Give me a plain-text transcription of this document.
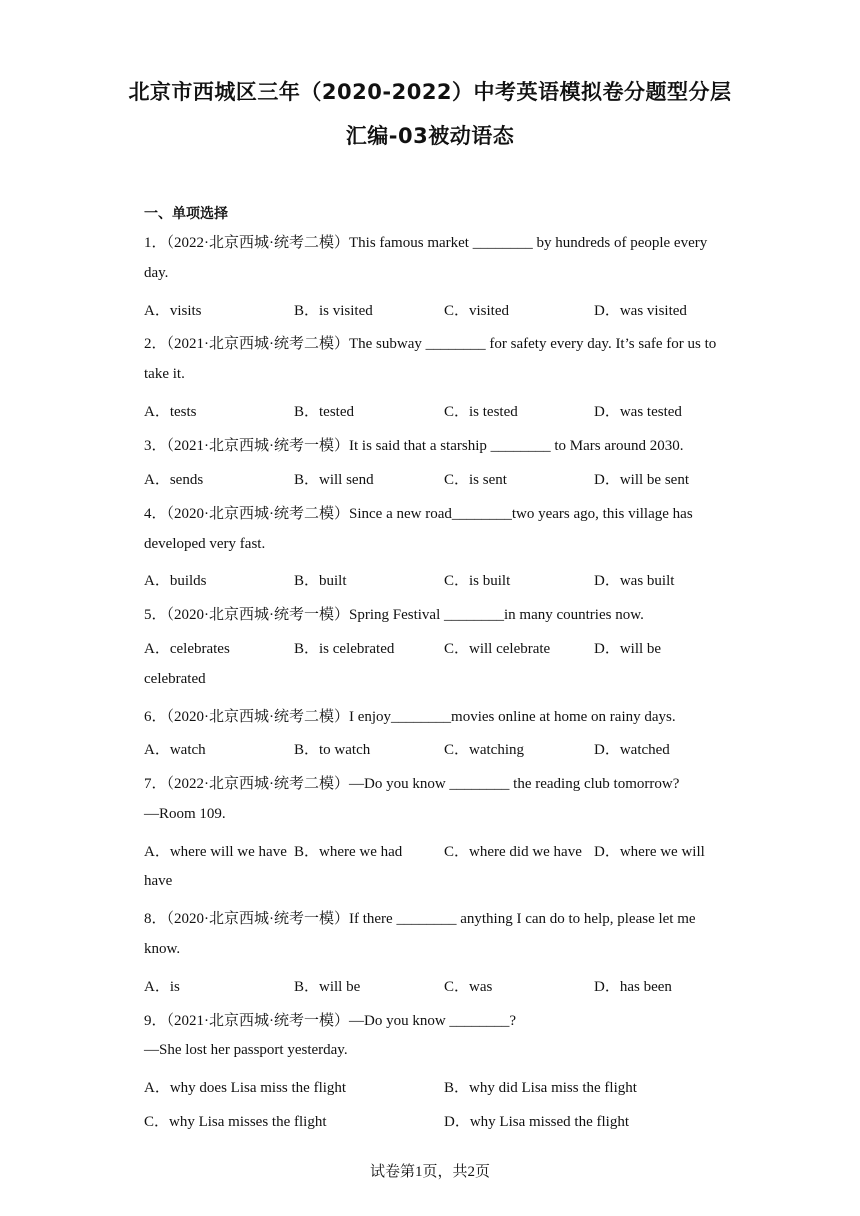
北京市西城区三年（2020-2022）中考英语模拟卷分题型分层
汇编-03被动语态
一、单项选择
1．（2022·北京西城·统考二模）This famous market ________ by hundreds of people every
day.
A．visits	B．is visited	C．visited	D．was visited
2．（2021·北京西城·统考二模）The subway ________ for safety every day. It’s safe for us to
take it.
A．tests	B．tested	C．is tested	D．was tested
3．（2021·北京西城·统考一模）It is said that a starship ________ to Mars around 2030.
A．sends	B．will send	C．is sent	D．will be sent
4．（2020·北京西城·统考二模）Since a new road________two years ago, this village has
developed very fast.
A．builds	B．built	C．is built	D．was built
5．（2020·北京西城·统考一模）Spring Festival ________in many countries now.
A．celebrates	B．is celebrated	C．will celebrate	D．will be
celebrated
6．（2020·北京西城·统考二模）I enjoy________movies online at home on rainy days.
A．watch	B．to watch	C．watching	D．watched
7．（2022·北京西城·统考二模）—Do you know ________ the reading club tomorrow?
—Room 109.
A．where will we have B．where we had	C．where did we have D．where we will
have
8．（2020·北京西城·统考一模）If there ________ anything I can do to help, please let me
know.
A．is	B．will be	C．was	D．has been
9．（2021·北京西城·统考一模）—Do you know ________?
—She lost her passport yesterday.
A．why does Lisa miss the flight	B．why did Lisa miss the flight
C．why Lisa misses the flight	D．why Lisa missed the flight
试卷第1页，共2页
